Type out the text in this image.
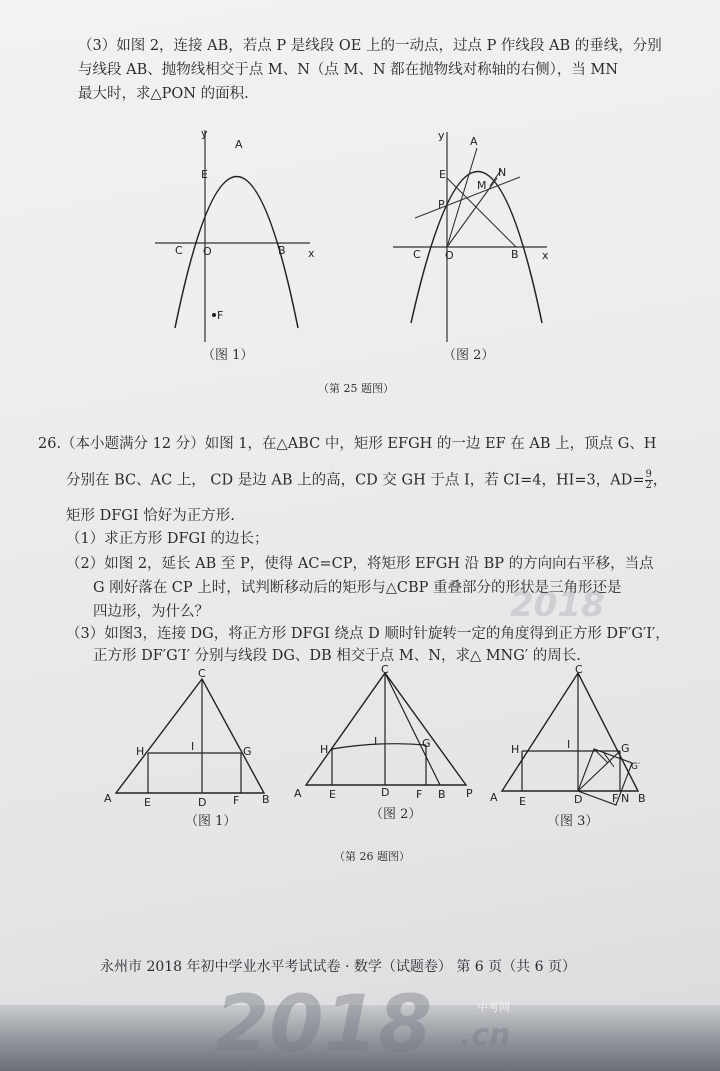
（3）如图 2，连接 AB，若点 P 是线段 OE 上的一动点，过点 P 作线段 AB 的垂线，分别
与线段 AB、抛物线相交于点 M、N（点 M、N 都在抛物线对称轴的右侧），当 MN
最大时，求△PON 的面积.
y
E
A
C O	B x
F
（图 1）
y
E
A
P
M
N
C O	B x
（图 2）
（第 25 题图）
26.（本小题满分 12 分）如图 1，在△ABC 中，矩形 EFGH 的一边 EF 在 AB 上，顶点 G、H
分别在 BC、AC 上， CD 是边 AB 上的高，CD 交 GH 于点 I，若 CI=4，HI=3，$AD= \frac{9}{2}$ ，
矩形 DFGI 恰好为正方形.
（1）求正方形 DFGI 的边长；
（2）如图 2，延长 AB 至 P，使得 AC=CP，将矩形 EFGH 沿 BP 的方向向右平移，当点
G 刚好落在 CP 上时，试判断移动后的矩形与△CBP 重叠部分的形状是三角形还是
四边形，为什么？
（3）如图3，连接 DG，将正方形 DFGI 绕点 D 顺时针旋转一定的角度得到正方形 DF′G′I′，
正方形 DF′G′I′ 分别与线段 DG、DB 相交于点 M、N，求△ MNG′ 的周长.
C
H	I	G
A	E	D F B
（图 1）
C
H
I	G
A E	D F B P
（图 2）
C
H	I	G
G′
A E	D	F N B
（图 3）
（第 26 题图）
永州市 2018 年初中学业水平考试试卷 · 数学（试题卷） 第 6 页（共 6 页）
2018
2018 .cn
中考网
